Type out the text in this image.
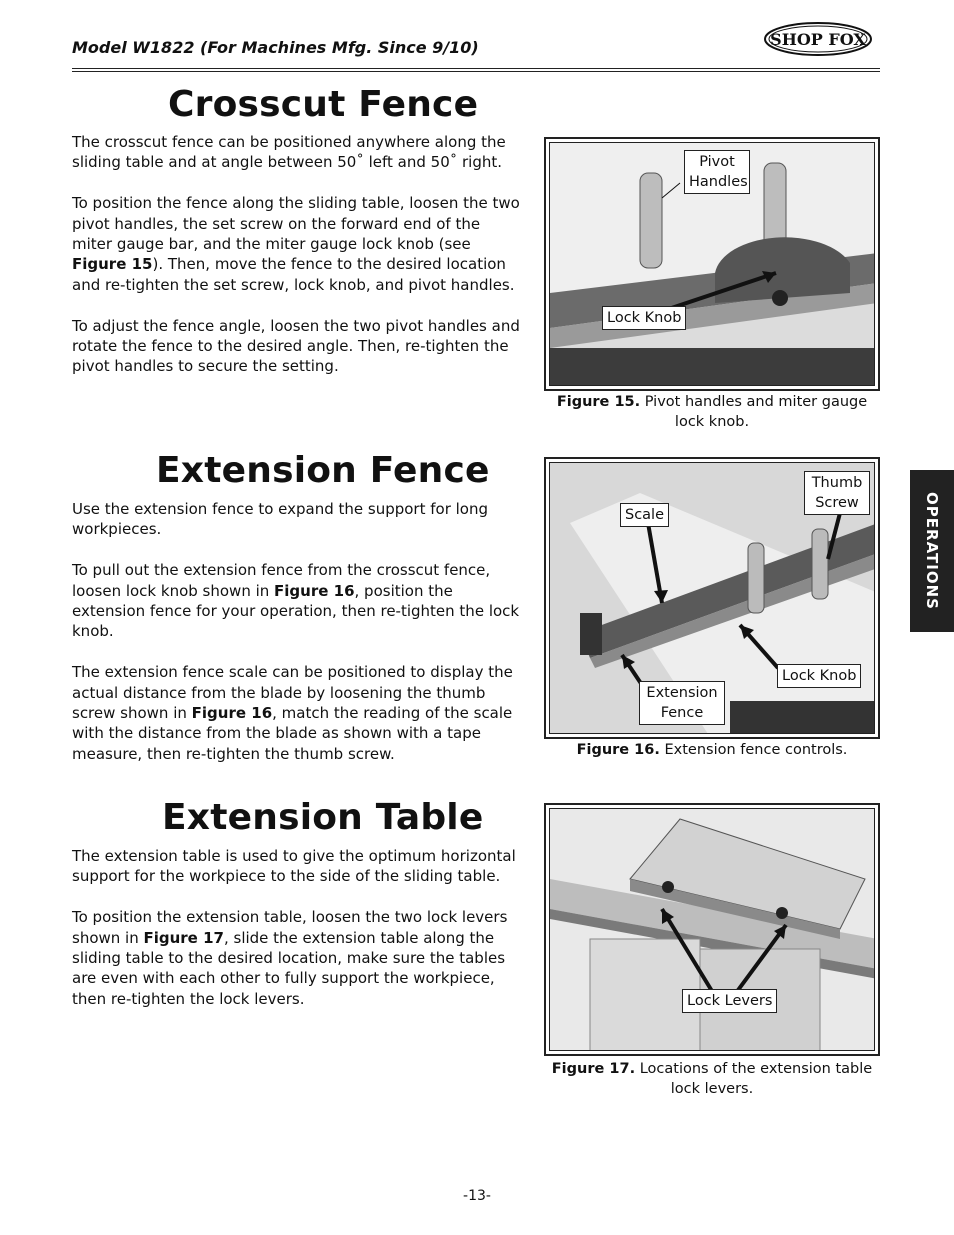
Model W1822 (For Machines Mfg. Since 9/10)	SHOP FOX
OPERATIONS
Crosscut Fence

The crosscut fence can be positioned anywhere along the sliding table and at angle between 50˚ left and 50˚ right.

To position the fence along the sliding table, loosen the two pivot handles, the set screw on the forward end of the miter gauge bar, and the miter gauge lock knob (see Figure 15). Then, move the fence to the desired location and re-tighten the set screw, lock knob, and pivot handles.

To adjust the fence angle, loosen the two pivot handles and rotate the fence to the desired angle. Then, re-tighten the pivot handles to secure the setting.

Pivot Handles
Lock Knob
Figure 15. Pivot handles and miter gauge lock knob.
Extension Fence

Use the extension fence to expand the support for long workpieces.

To pull out the extension fence from the crosscut fence, loosen lock knob shown in Figure 16, position the extension fence for your operation, then re-tighten the lock knob.

The extension fence scale can be positioned to display the actual distance from the blade by loosening the thumb screw shown in Figure 16, match the reading of the scale with the distance from the blade as shown with a tape measure, then re-tighten the thumb screw.

Thumb Screw
Scale
Lock Knob
Extension Fence
Figure 16. Extension fence controls.
Extension Table

The extension table is used to give the optimum horizontal support for the workpiece to the side of the sliding table.

To position the extension table, loosen the two lock levers shown in Figure 17, slide the extension table along the sliding table to the desired location, make sure the tables are even with each other to fully support the workpiece, then re-tighten the lock levers.	Lock Levers
Figure 17. Locations of the extension table lock levers.
-13-
